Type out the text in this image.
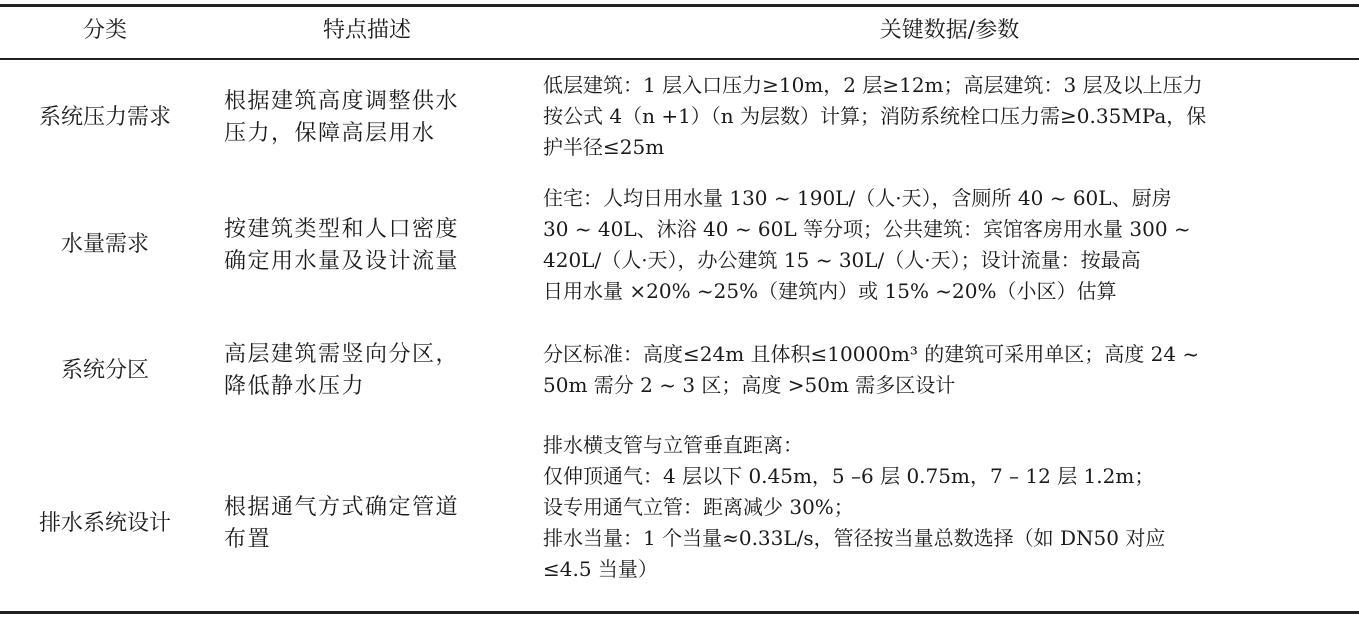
分类	特点描述	关键数据/参数
系统压力需求
根据建筑高度调整供水
压力，保障高层用水
低层建筑：1 层入口压力≥10m，2 层≥12m；高层建筑：3 层及以上压力
按公式 4（n +1）（n 为层数）计算；消防系统栓口压力需≥0.35MPa，保
护半径≤25m
水量需求
按建筑类型和人口密度
确定用水量及设计流量
住宅：人均日用水量 130 ~ 190L/（人·天），含厕所 40 ~ 60L、厨房
30 ~ 40L、沐浴 40 ~ 60L 等分项；公共建筑：宾馆客房用水量 300 ~
420L/（人·天），办公建筑 15 ~ 30L/（人·天）；设计流量：按最高
日用水量 ×20% ~25%（建筑内）或 15% ~20%（小区）估算
系统分区
高层建筑需竖向分区，
降低静水压力
分区标准：高度≤24m 且体积≤10000m³ 的建筑可采用单区；高度 24 ~
50m 需分 2 ~ 3 区；高度 >50m 需多区设计
排水系统设计
根据通气方式确定管道
布置
排水横支管与立管垂直距离：
仅伸顶通气：4 层以下 0.45m，5 –6 层 0.75m，7 – 12 层 1.2m；
设专用通气立管：距离减少 30%；
排水当量：1 个当量≈0.33L/s，管径按当量总数选择（如 DN50 对应
≤4.5 当量）
